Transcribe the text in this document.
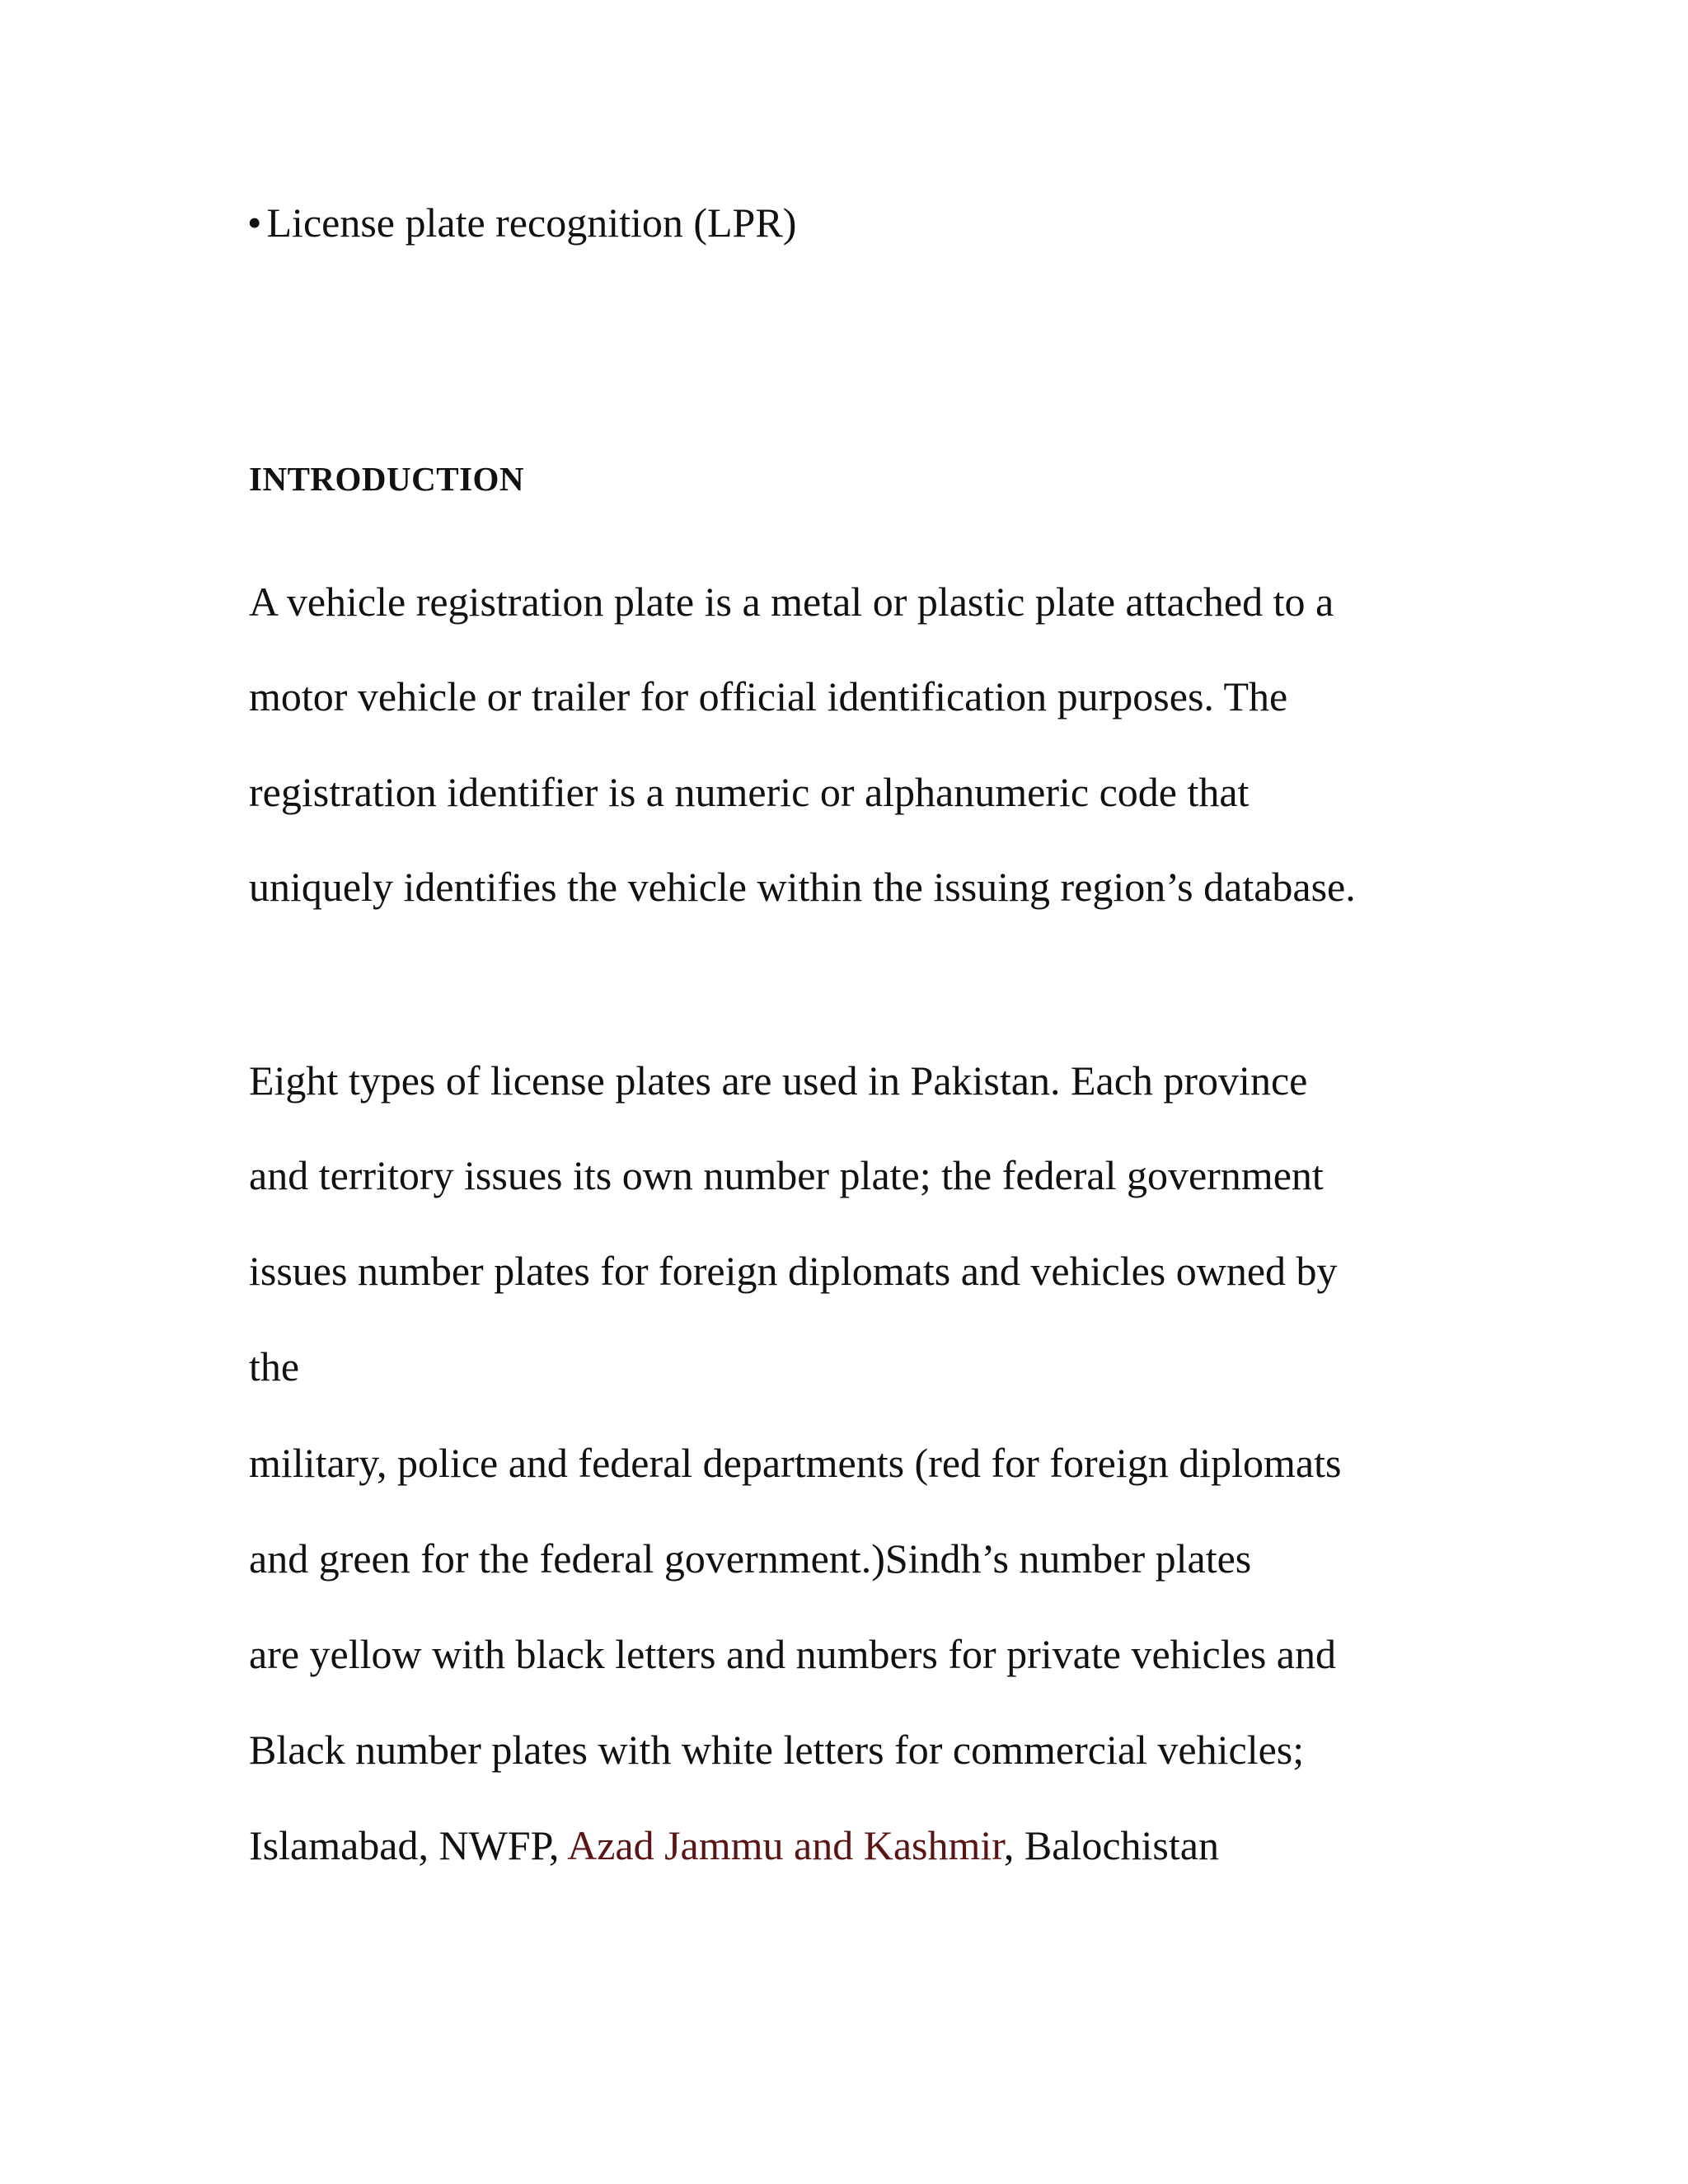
• License plate recognition (LPR)
INTRODUCTION
A vehicle registration plate is a metal or plastic plate attached to a
motor vehicle or trailer for official identification purposes. The
registration identifier is a numeric or alphanumeric code that
uniquely identifies the vehicle within the issuing region’s database.
Eight types of license plates are used in Pakistan. Each province
and territory issues its own number plate; the federal government
issues number plates for foreign diplomats and vehicles owned by
the
military, police and federal departments (red for foreign diplomats
and green for the federal government.)Sindh’s number plates
are yellow with black letters and numbers for private vehicles and
Black number plates with white letters for commercial vehicles;
Islamabad, NWFP, Azad Jammu and Kashmir, Balochistan
